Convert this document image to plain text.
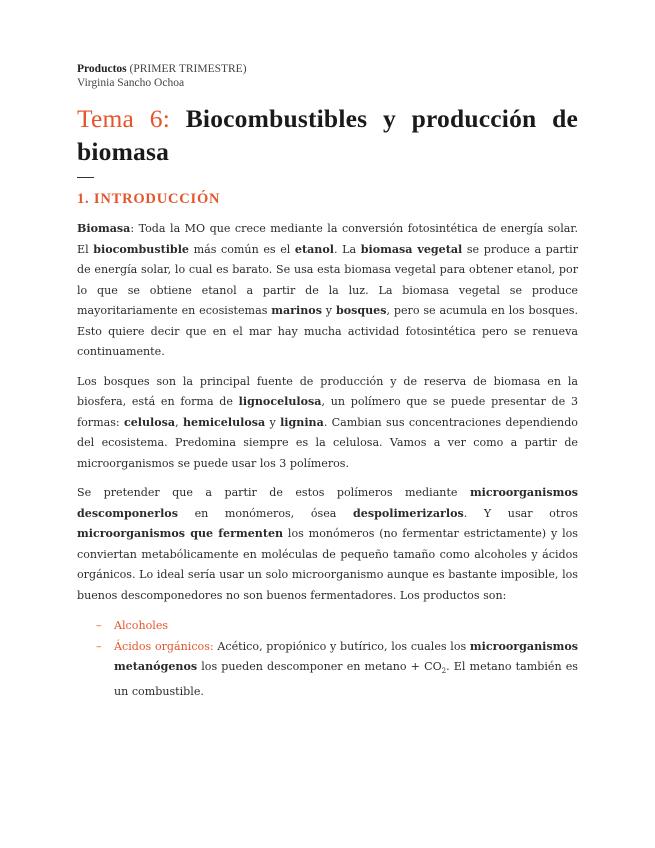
Productos (PRIMER TRIMESTRE)
Virginia Sancho Ochoa
Tema 6: Biocombustibles y producción de biomasa
1. INTRODUCCIÓN

Biomasa: Toda la MO que crece mediante la conversión fotosintética de energía solar. El biocombustible más común es el etanol. La biomasa vegetal se produce a partir de energía solar, lo cual es barato. Se usa esta biomasa vegetal para obtener etanol, por lo que se obtiene etanol a partir de la luz. La biomasa vegetal se produce mayoritariamente en ecosistemas marinos y bosques, pero se acumula en los bosques. Esto quiere decir que en el mar hay mucha actividad fotosintética pero se renueva continuamente.

Los bosques son la principal fuente de producción y de reserva de biomasa en la biosfera, está en forma de lignocelulosa, un polímero que se puede presentar de 3 formas: celulosa, hemicelulosa y lignina. Cambian sus concentraciones dependiendo del ecosistema. Predomina siempre es la celulosa. Vamos a ver como a partir de microorganismos se puede usar los 3 polímeros.

Se pretender que a partir de estos polímeros mediante microorganismos descomponerlos en monómeros, ósea despolimerizarlos. Y usar otros microorganismos que fermenten los monómeros (no fermentar estrictamente) y los conviertan metabólicamente en moléculas de pequeño tamaño como alcoholes y ácidos orgánicos. Lo ideal sería usar un solo microorganismo aunque es bastante imposible, los buenos descomponedores no son buenos fermentadores. Los productos son:

– Alcoholes
– Ácidos orgánicos: Acético, propiónico y butírico, los cuales los microorganismos metanógenos los pueden descomponer en $metano + CO_2$. El metano también es un combustible.
